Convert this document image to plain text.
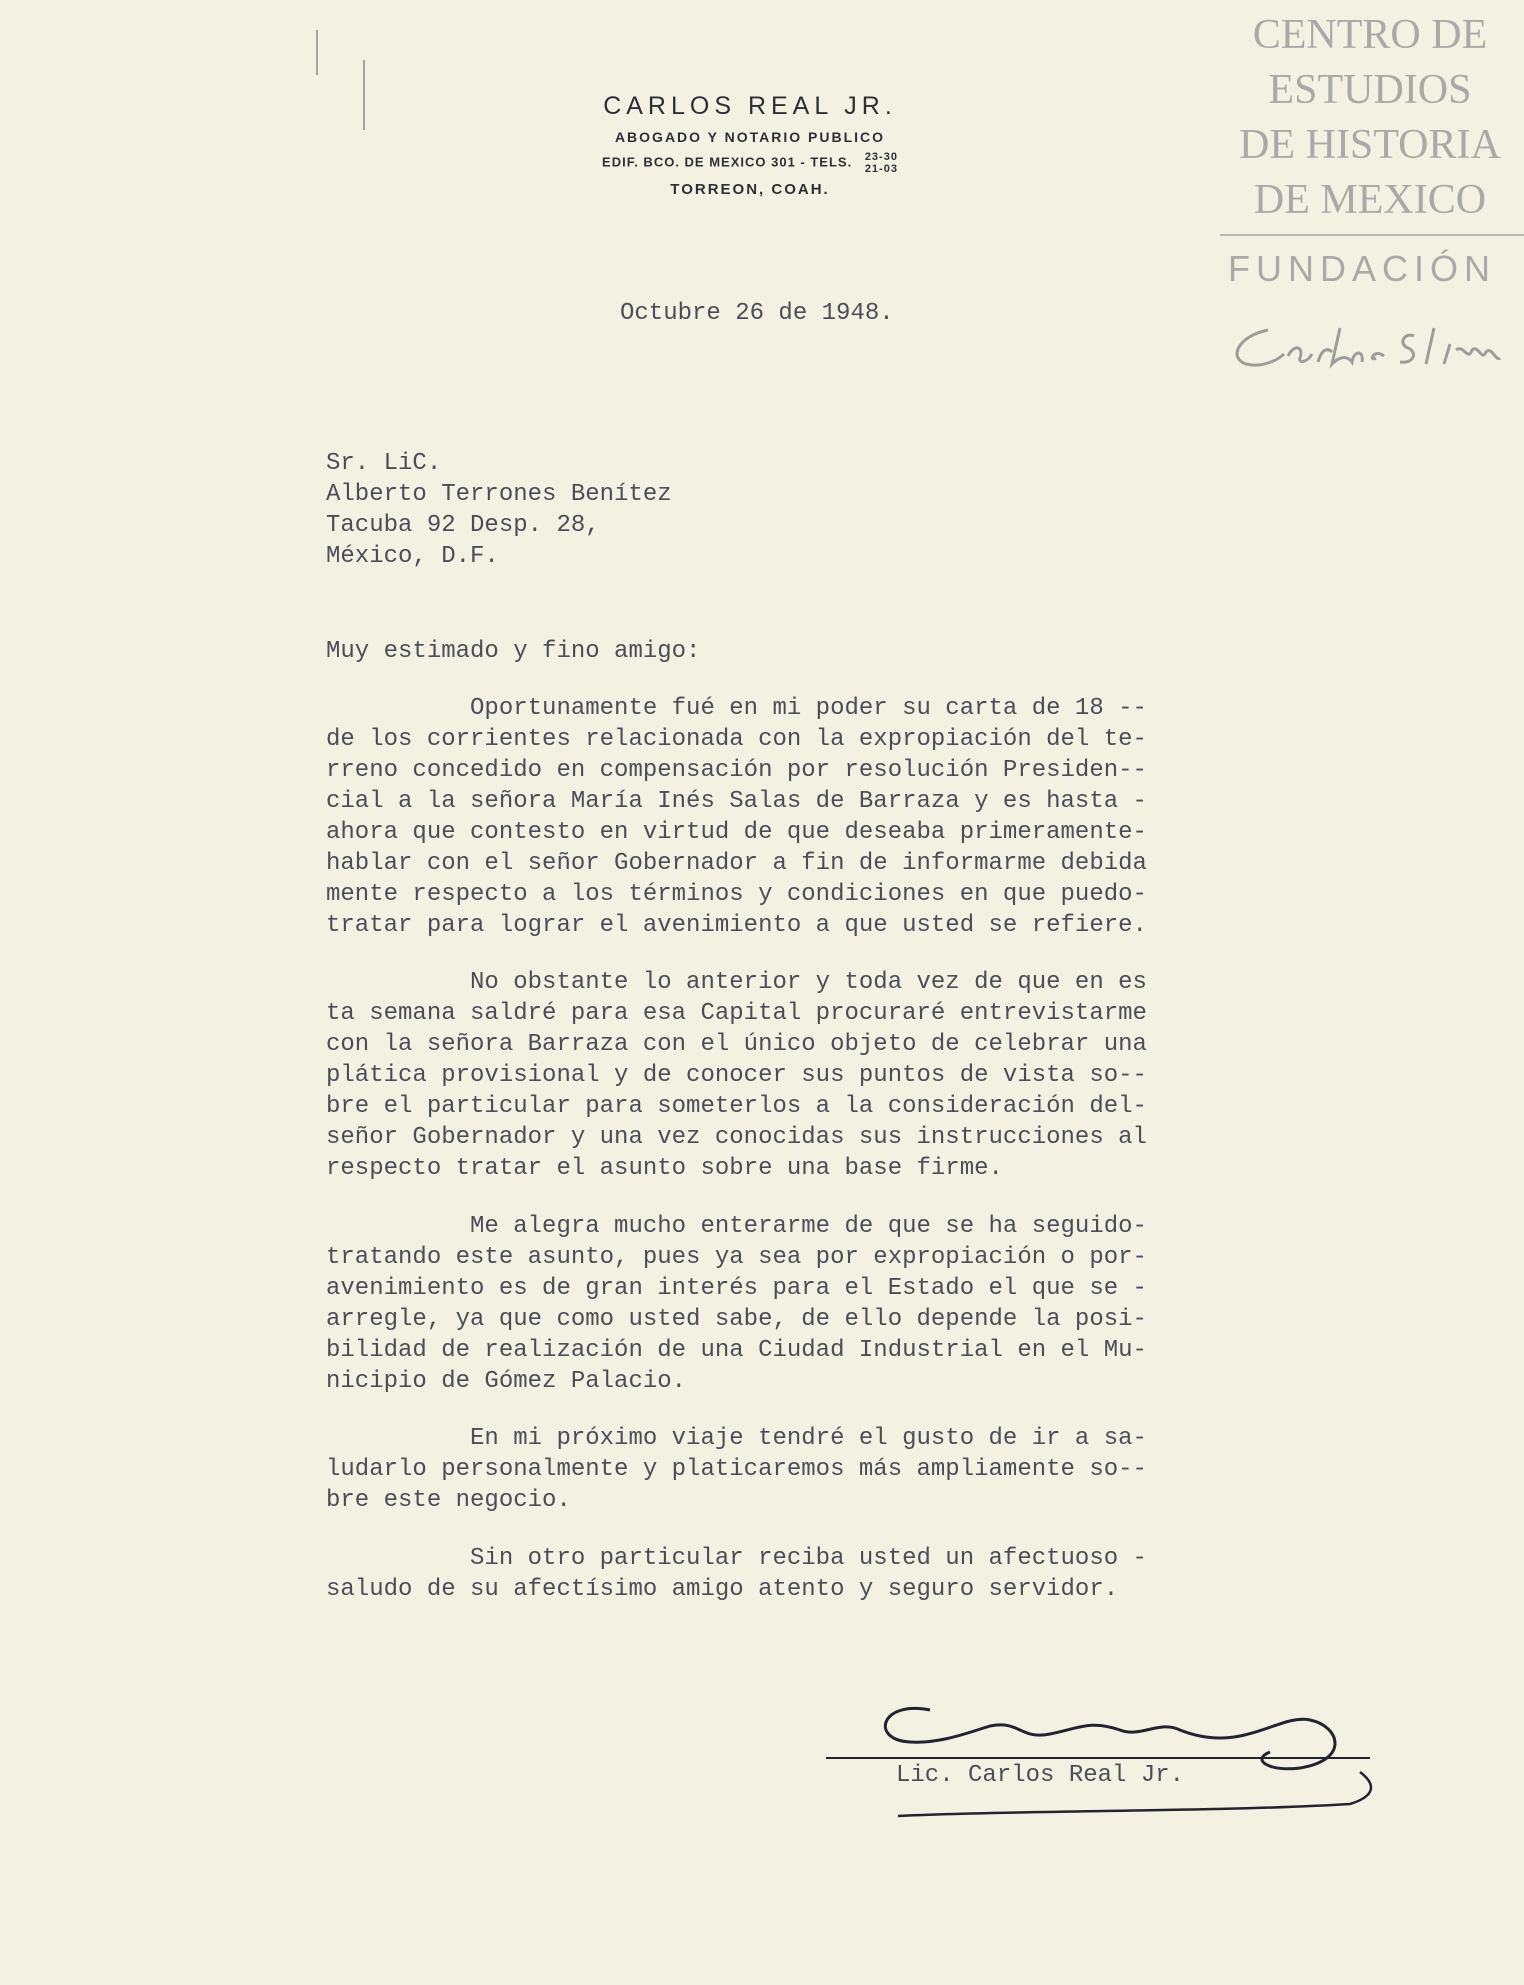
CARLOS REAL JR.
ABOGADO Y NOTARIO PUBLICO
EDIF. BCO. DE MEXICO 301 - TELS. 23-30
21-03
TORREON, COAH.
CENTRO DE
ESTUDIOS
DE HISTORIA
DE MEXICO
FUNDACIÓN
Octubre 26 de 1948.
Sr. LiC.
Alberto Terrones Benítez
Tacuba 92 Desp. 28,
México, D.F.
Muy estimado y fino amigo:
Oportunamente fué en mi poder su carta de 18 --
de los corrientes relacionada con la expropiación del te-
rreno concedido en compensación por resolución Presiden--
cial a la señora María Inés Salas de Barraza y es hasta -
ahora que contesto en virtud de que deseaba primeramente-
hablar con el señor Gobernador a fin de informarme debida
mente respecto a los términos y condiciones en que puedo-
tratar para lograr el avenimiento a que usted se refiere.
No obstante lo anterior y toda vez de que en es
ta semana saldré para esa Capital procuraré entrevistarme
con la señora Barraza con el único objeto de celebrar una
plática provisional y de conocer sus puntos de vista so--
bre el particular para someterlos a la consideración del-
señor Gobernador y una vez conocidas sus instrucciones al
respecto tratar el asunto sobre una base firme.
Me alegra mucho enterarme de que se ha seguido-
tratando este asunto, pues ya sea por expropiación o por-
avenimiento es de gran interés para el Estado el que se -
arregle, ya que como usted sabe, de ello depende la posi-
bilidad de realización de una Ciudad Industrial en el Mu-
nicipio de Gómez Palacio.
En mi próximo viaje tendré el gusto de ir a sa-
ludarlo personalmente y platicaremos más ampliamente so--
bre este negocio.
Sin otro particular reciba usted un afectuoso -
saludo de su afectísimo amigo atento y seguro servidor.
Lic. Carlos Real Jr.
